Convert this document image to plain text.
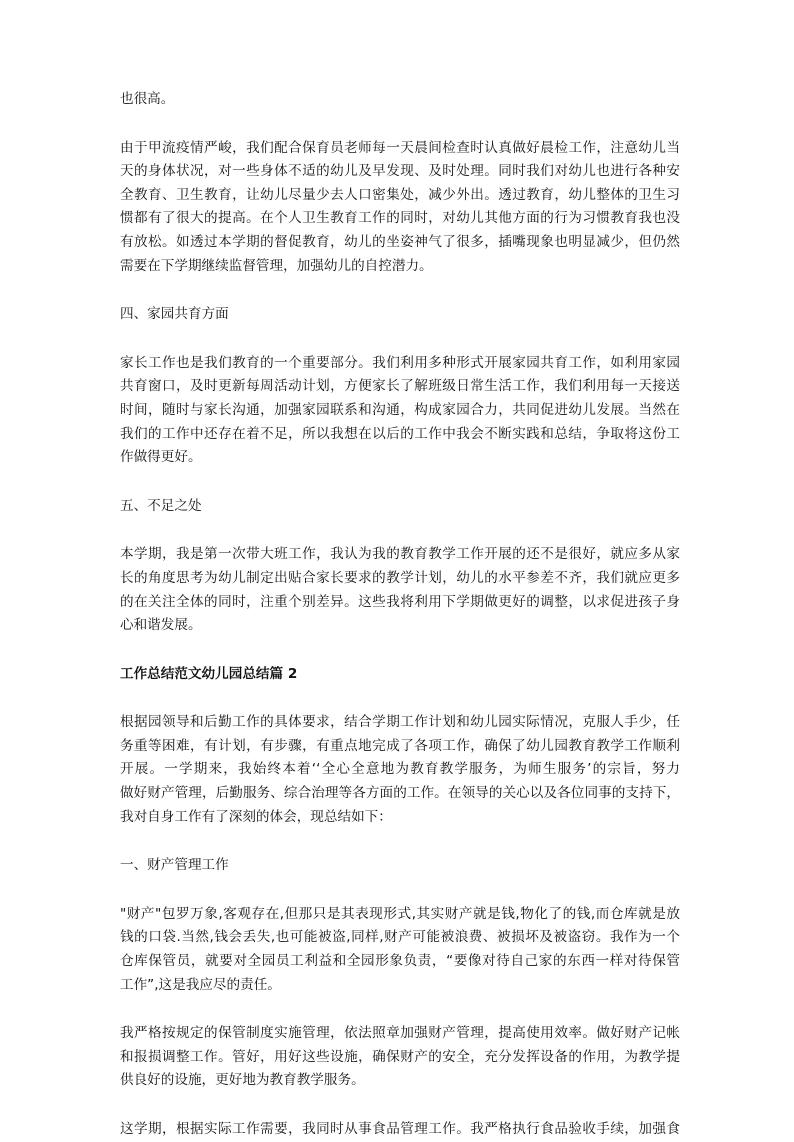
也很高。
由于甲流疫情严峻，我们配合保育员老师每一天晨间检查时认真做好晨检工作，注意幼儿当
天的身体状况，对一些身体不适的幼儿及早发现、及时处理。同时我们对幼儿也进行各种安
全教育、卫生教育，让幼儿尽量少去人口密集处，减少外出。透过教育，幼儿整体的卫生习
惯都有了很大的提高。在个人卫生教育工作的同时，对幼儿其他方面的行为习惯教育我也没
有放松。如透过本学期的督促教育，幼儿的坐姿神气了很多，插嘴现象也明显减少，但仍然
需要在下学期继续监督管理，加强幼儿的自控潜力。
四、家园共育方面
家长工作也是我们教育的一个重要部分。我们利用多种形式开展家园共育工作，如利用家园
共育窗口，及时更新每周活动计划，方便家长了解班级日常生活工作，我们利用每一天接送
时间，随时与家长沟通，加强家园联系和沟通，构成家园合力，共同促进幼儿发展。当然在
我们的工作中还存在着不足，所以我想在以后的工作中我会不断实践和总结，争取将这份工
作做得更好。
五、不足之处
本学期，我是第一次带大班工作，我认为我的教育教学工作开展的还不是很好，就应多从家
长的角度思考为幼儿制定出贴合家长要求的教学计划，幼儿的水平参差不齐，我们就应更多
的在关注全体的同时，注重个别差异。这些我将利用下学期做更好的调整，以求促进孩子身
心和谐发展。
工作总结范文幼儿园总结篇 2
根据园领导和后勤工作的具体要求，结合学期工作计划和幼儿园实际情况，克服人手少，任
务重等困难，有计划，有步骤，有重点地完成了各项工作，确保了幼儿园教育教学工作顺利
开展。一学期来，我始终本着‘‘全心全意地为教育教学服务，为师生服务’的宗旨，努力
做好财产管理，后勤服务、综合治理等各方面的工作。在领导的关心以及各位同事的支持下，
我对自身工作有了深刻的体会，现总结如下：
一、财产管理工作
"财产"包罗万象,客观存在,但那只是其表现形式,其实财产就是钱,物化了的钱,而仓库就是放
钱的口袋.当然,钱会丢失,也可能被盗,同样,财产可能被浪费、被损坏及被盗窃。我作为一个
仓库保管员，就要对全园员工利益和全园形象负责，“要像对待自己家的东西一样对待保管
工作”,这是我应尽的责任。
我严格按规定的保管制度实施管理，依法照章加强财产管理，提高使用效率。做好财产记帐
和报损调整工作。管好，用好这些设施，确保财产的安全，充分发挥设备的作用，为教学提
供良好的设施，更好地为教育教学服务。
这学期，根据实际工作需要，我同时从事食品管理工作。我严格执行食品验收手续，加强食
